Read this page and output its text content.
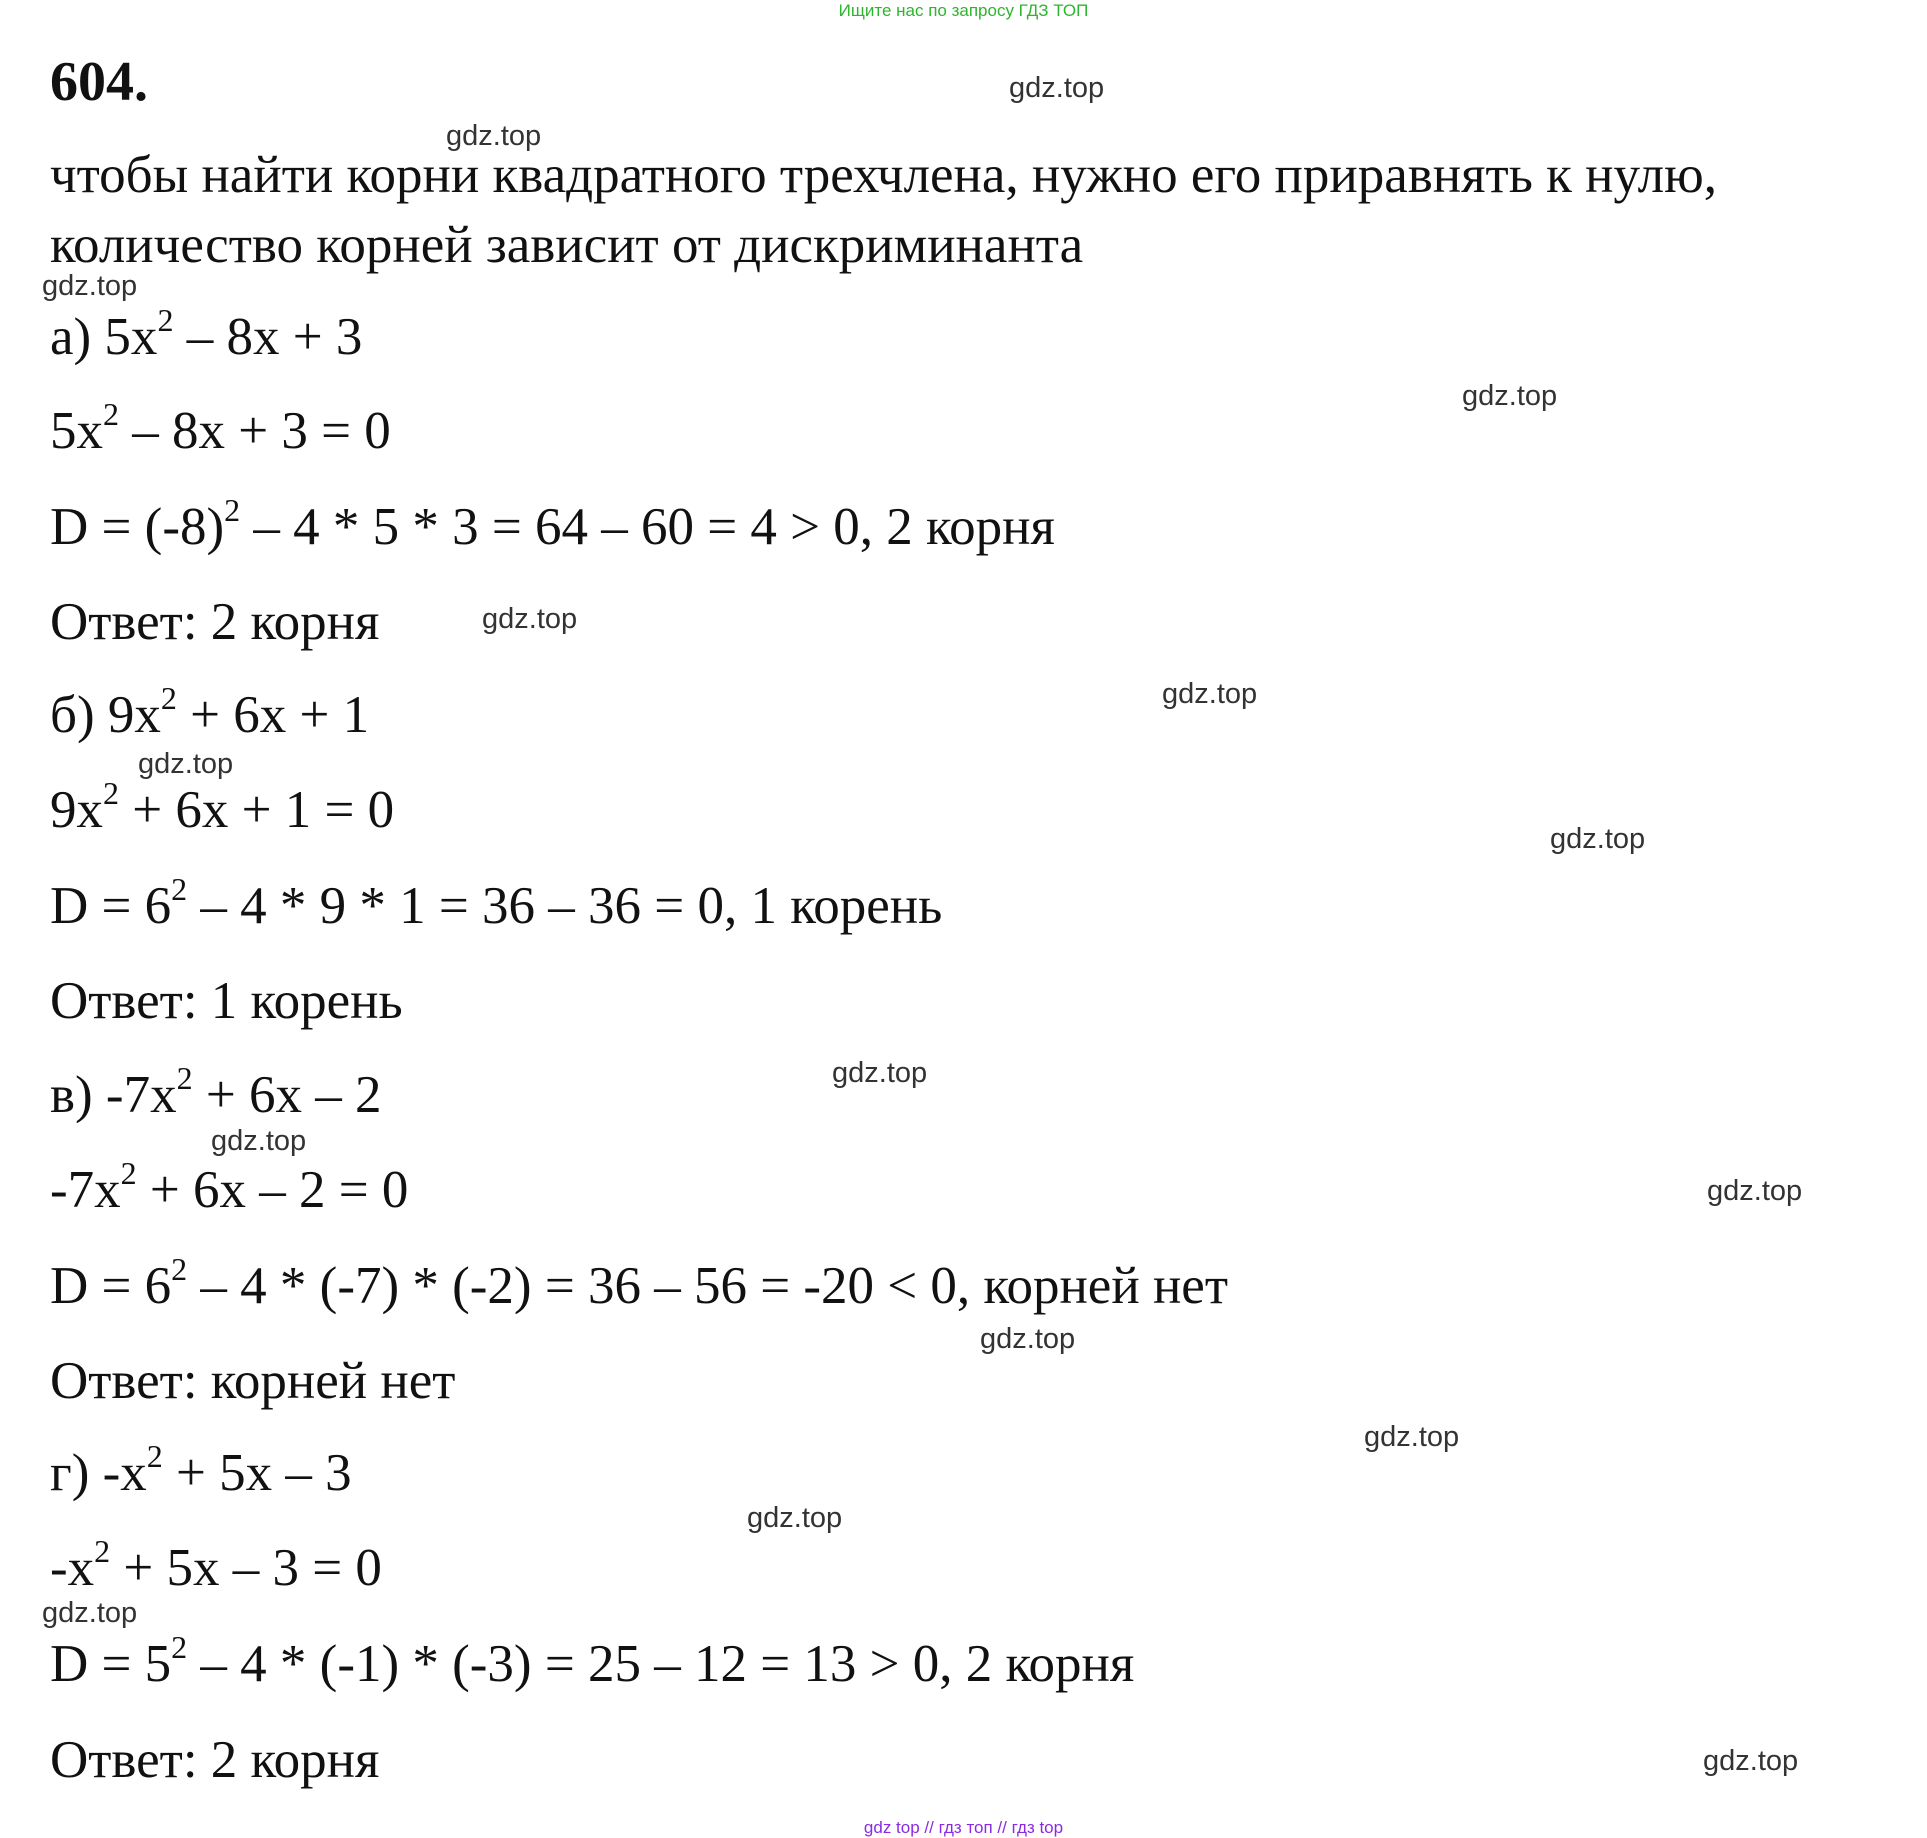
Ищите нас по запросу ГДЗ ТОП
604.
чтобы найти корни квадратного трехчлена, нужно его приравнять к нулю,
количество корней зависит от дискриминанта
а) $5x^2 - 8x + 3$
$5x^2 - 8x + 3 = 0$
$D = (-8)^2 - 4 * 5 * 3 = 64 - 60 = 4 > 0$, 2 корня
Ответ: 2 корня
б) $9x^2 + 6x + 1$
$9x^2 + 6x + 1 = 0$
$D = 6^2 - 4 * 9 * 1 = 36 - 36 = 0$, 1 корень
Ответ: 1 корень
в) $-7x^2 + 6x - 2$
$-7x^2 + 6x - 2 = 0$
$D = 6^2 - 4 * (-7) * (-2) = 36 - 56 = -20 < 0$, корней нет
Ответ: корней нет
г) $-x^2 + 5x - 3$
$-x^2 + 5x - 3 = 0$
$D = 5^2 - 4 * (-1) * (-3) = 25 - 12 = 13 > 0$, 2 корня
Ответ: 2 корня
gdz.top
gdz.top
gdz.top
gdz.top
gdz.top
gdz.top
gdz.top
gdz.top
gdz.top
gdz.top
gdz.top
gdz.top
gdz.top
gdz.top
gdz.top
gdz.top
gdz top // гдз топ // гдз top
